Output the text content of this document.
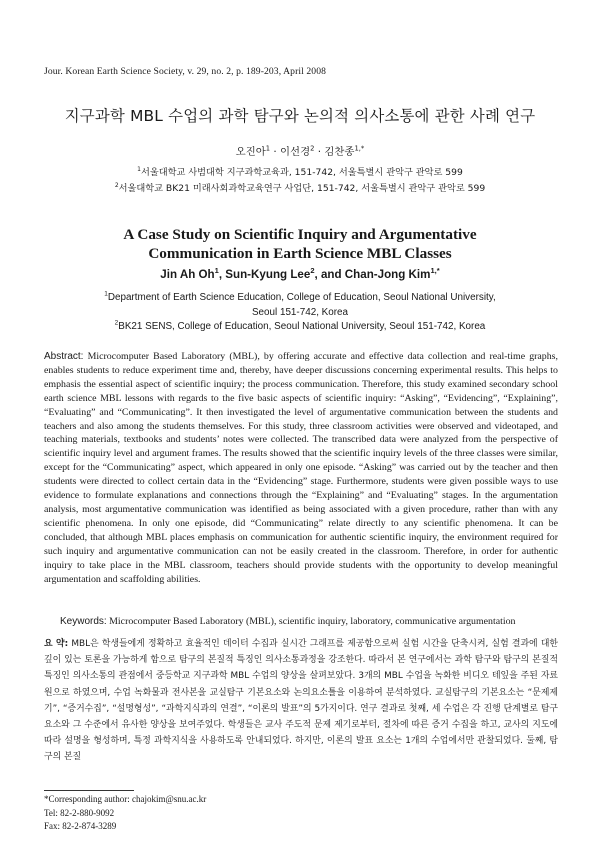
Jour. Korean Earth Science Society, v. 29, no. 2, p. 189-203, April 2008
지구과학 MBL 수업의 과학 탐구와 논의적 의사소통에 관한 사례 연구
오진아$^1$ · 이선경$^2$ · 김찬종$^{1,*}$
$^1$서울대학교 사범대학 지구과학교육과, 151-742, 서울특별시 관악구 관악로 599
$^2$서울대학교 BK21 미래사회과학교육연구 사업단, 151-742, 서울특별시 관악구 관악로 599
A Case Study on Scientific Inquiry and Argumentative
Communication in Earth Science MBL Classes
Jin Ah Oh$^1$, Sun-Kyung Lee$^2$, and Chan-Jong Kim$^{1,*}$
$^1$Department of Earth Science Education, College of Education, Seoul National University,
Seoul 151-742, Korea
$^2$BK21 SENS, College of Education, Seoul National University, Seoul 151-742, Korea
Abstract: Microcomputer Based Laboratory (MBL), by offering accurate and effective data collection and real-time graphs, enables students to reduce experiment time and, thereby, have deeper discussions concerning experimental results. This helps to emphasis the essential aspect of scientific inquiry; the process communication. Therefore, this study examined secondary school earth science MBL lessons with regards to the five basic aspects of scientific inquiry: “Asking”, “Evidencing”, “Explaining”, “Evaluating” and “Communicating”. It then investigated the level of argumentative communication between the students and teachers and also among the students themselves. For this study, three classroom activities were observed and videotaped, and teaching materials, textbooks and students’ notes were collected. The transcribed data were analyzed from the perspective of scientific inquiry level and argument frames. The results showed that the scientific inquiry levels of the three classes were similar, except for the “Communicating” aspect, which appeared in only one episode. “Asking” was carried out by the teacher and then students were directed to collect certain data in the “Evidencing” stage. Furthermore, students were given possible ways to use evidence to formulate explanations and connections through the “Explaining” and “Evaluating” stages. In the argumentation analysis, most argumentative communication was identified as being associated with a given procedure, rather than with any scientific phenomena. In only one episode, did “Communicating” relate directly to any scientific phenomena. It can be concluded, that although MBL places emphasis on communication for authentic scientific inquiry, the environment required for such inquiry and argumentative communication can not be easily created in the classroom. Therefore, in order for authentic inquiry to take place in the MBL classroom, teachers should provide students with the opportunity to develop meaningful argumentation and scaffolding abilities.
Keywords: Microcomputer Based Laboratory (MBL), scientific inquiry, laboratory, communicative argumentation
요 약: MBL은 학생들에게 정확하고 효율적인 데이터 수집과 실시간 그래프를 제공함으로써 실험 시간을 단축시켜, 실험 결과에 대한 깊이 있는 토론을 가능하게 함으로 탐구의 본질적 특징인 의사소통과정을 강조한다. 따라서 본 연구에서는 과학 탐구와 탐구의 본질적 특징인 의사소통의 관점에서 중등학교 지구과학 MBL 수업의 양상을 살펴보았다. 3개의 MBL 수업을 녹화한 비디오 테잎을 주된 자료원으로 하였으며, 수업 녹화물과 전사본을 교실탐구 기본요소와 논의요소틀을 이용하여 분석하였다. 교실탐구의 기본요소는 “문제제기”, “증거수집”, “설명형성”, “과학지식과의 연결”, “이론의 발표”의 5가지이다. 연구 결과로 첫째, 세 수업은 각 진행 단계별로 탐구 요소와 그 수준에서 유사한 양상을 보여주었다. 학생들은 교사 주도적 문제 제기로부터, 절차에 따른 증거 수집을 하고, 교사의 지도에 따라 설명을 형성하며, 특정 과학지식을 사용하도록 안내되었다. 하지만, 이론의 발표 요소는 1개의 수업에서만 관찰되었다. 둘째, 탐구의 본질
*Corresponding author: chajokim@snu.ac.kr
Tel: 82-2-880-9092
Fax: 82-2-874-3289
